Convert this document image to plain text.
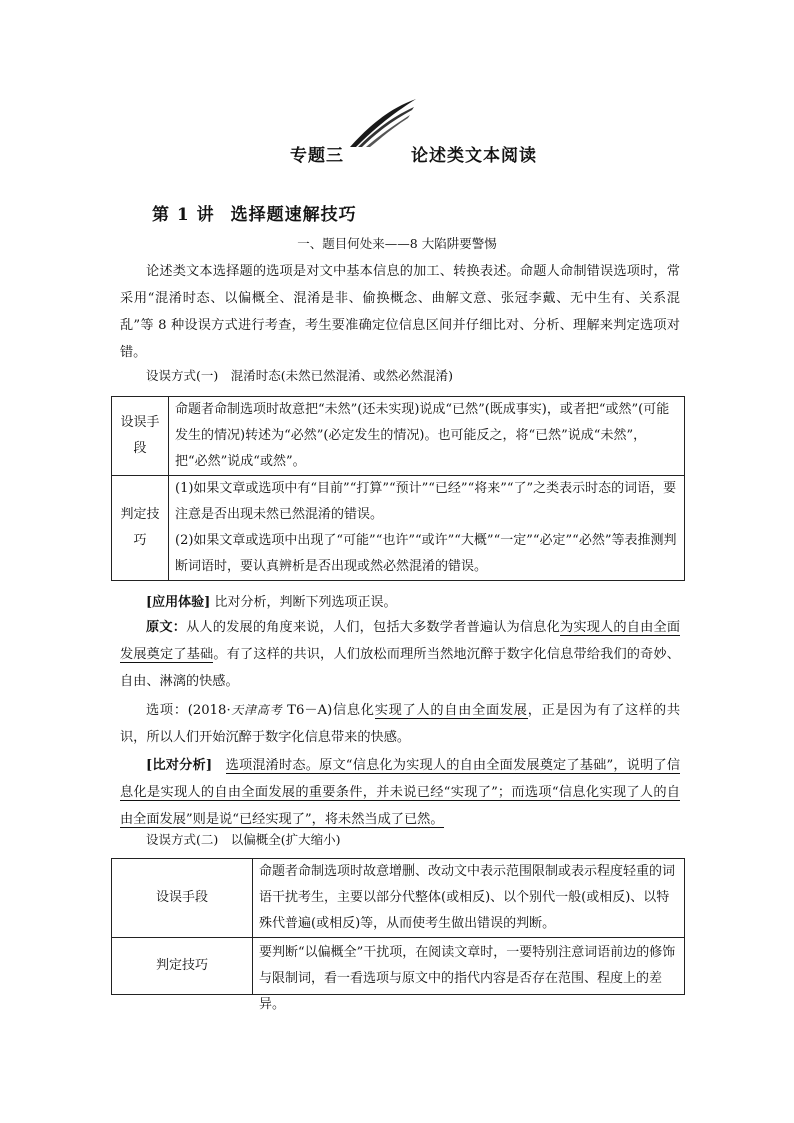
专题三	论述类文本阅读
第 1 讲 选择题速解技巧
一、题目何处来——8 大陷阱要警惕
论述类文本选择题的选项是对文中基本信息的加工、转换表述。命题人命制错误选项时，常采用“混淆时态、以偏概全、混淆是非、偷换概念、曲解文意、张冠李戴、无中生有、关系混乱”等 8 种设误方式进行考查，考生要准确定位信息区间并仔细比对、分析、理解来判定选项对错。
设误方式(一)　混淆时态(未然已然混淆、或然必然混淆)
设误手段	命题者命制选项时故意把“未然”(还未实现)说成“已然”(既成事实)，或者把“或然”(可能发生的情况)转述为“必然”(必定发生的情况)。也可能反之，将“已然”说成“未然”，把“必然”说成“或然”。
判定技巧	(1)如果文章或选项中有“目前”“打算”“预计”“已经”“将来”“了”之类表示时态的词语，要注意是否出现未然已然混淆的错误。
(2)如果文章或选项中出现了“可能”“也许”“或许”“大概”“一定”“必定”“必然”等表推测判断词语时，要认真辨析是否出现或然必然混淆的错误。
[应用体验] 比对分析，判断下列选项正误。
原文：从人的发展的角度来说，人们，包括大多数学者普遍认为信息化为实现人的自由全面发展奠定了基础。有了这样的共识，人们放松而理所当然地沉醉于数字化信息带给我们的奇妙、自由、淋漓的快感。
选项：(2018·天津高考 T6－A)信息化实现了人的自由全面发展，正是因为有了这样的共识，所以人们开始沉醉于数字化信息带来的快感。
[比对分析]　 选项混淆时态。原文“信息化为实现人的自由全面发展奠定了基础”，说明了信息化是实现人的自由全面发展的重要条件，并未说已经“实现了”；而选项“信息化实现了人的自由全面发展”则是说“已经实现了”，将未然当成了已然。
设误方式(二)　以偏概全(扩大缩小)
设误手段	命题者命制选项时故意增删、改动文中表示范围限制或表示程度轻重的词语干扰考生，主要以部分代整体(或相反)、以个别代一般(或相反)、以特殊代普遍(或相反)等，从而使考生做出错误的判断。
判定技巧	要判断“以偏概全”干扰项，在阅读文章时，一要特别注意词语前边的修饰与限制词，看一看选项与原文中的指代内容是否存在范围、程度上的差异。
